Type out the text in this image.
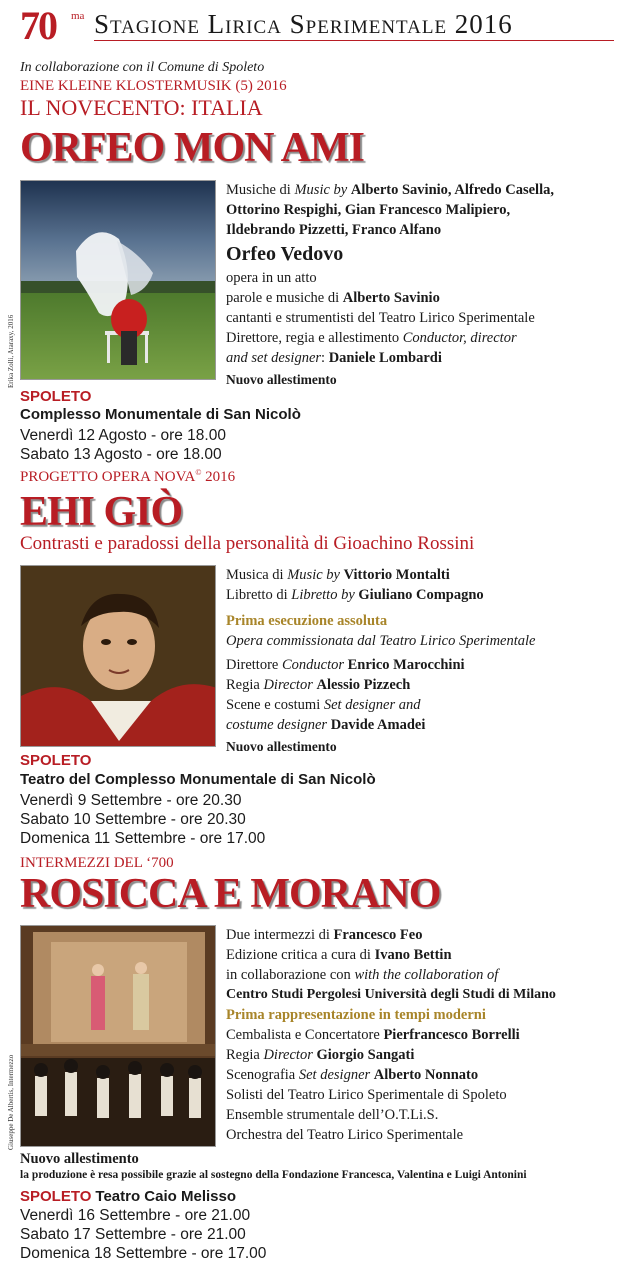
70 ma Stagione Lirica Sperimentale 2016
In collaborazione con il Comune di Spoleto
EINE KLEINE KLOSTERMUSIK (5) 2016
IL NOVECENTO: ITALIA
ORFEO MON AMI
Erika Zolli, Ataraxy, 2016
Musiche di Music by Alberto Savinio, Alfredo Casella,
Ottorino Respighi, Gian Francesco Malipiero,
Ildebrando Pizzetti, Franco Alfano
Orfeo Vedovo
opera in un atto
parole e musiche di Alberto Savinio
cantanti e strumentisti del Teatro Lirico Sperimentale
Direttore, regia e allestimento Conductor, director
and set designer: Daniele Lombardi
Nuovo allestimento
SPOLETO
Complesso Monumentale di San Nicolò
Venerdì 12 Agosto - ore 18.00
Sabato 13 Agosto - ore 18.00
PROGETTO OPERA NOVA© 2016
EHI GIÒ
Contrasti e paradossi della personalità di Gioachino Rossini
Musica di Music by Vittorio Montalti
Libretto di Libretto by Giuliano Compagno
Prima esecuzione assoluta
Opera commissionata dal Teatro Lirico Sperimentale
Direttore Conductor Enrico Marocchini
Regia Director Alessio Pizzech
Scene e costumi Set designer and
costume designer Davide Amadei
Nuovo allestimento
SPOLETO
Teatro del Complesso Monumentale di San Nicolò
Venerdì 9 Settembre - ore 20.30
Sabato 10 Settembre - ore 20.30
Domenica 11 Settembre - ore 17.00
INTERMEZZI DEL ‘700
ROSICCA E MORANO
Giuseppe De Albertis, Intermezzo
Due intermezzi di Francesco Feo
Edizione critica a cura di Ivano Bettin
in collaborazione con with the collaboration of
Centro Studi Pergolesi Università degli Studi di Milano
Prima rappresentazione in tempi moderni
Cembalista e Concertatore Pierfrancesco Borrelli
Regia Director Giorgio Sangati
Scenografia Set designer Alberto Nonnato
Solisti del Teatro Lirico Sperimentale di Spoleto
Ensemble strumentale dell’O.T.Li.S.
Orchestra del Teatro Lirico Sperimentale
Nuovo allestimento
la produzione è resa possibile grazie al sostegno della Fondazione Francesca, Valentina e Luigi Antonini
SPOLETO Teatro Caio Melisso
Venerdì 16 Settembre - ore 21.00
Sabato 17 Settembre - ore 21.00
Domenica 18 Settembre - ore 17.00
